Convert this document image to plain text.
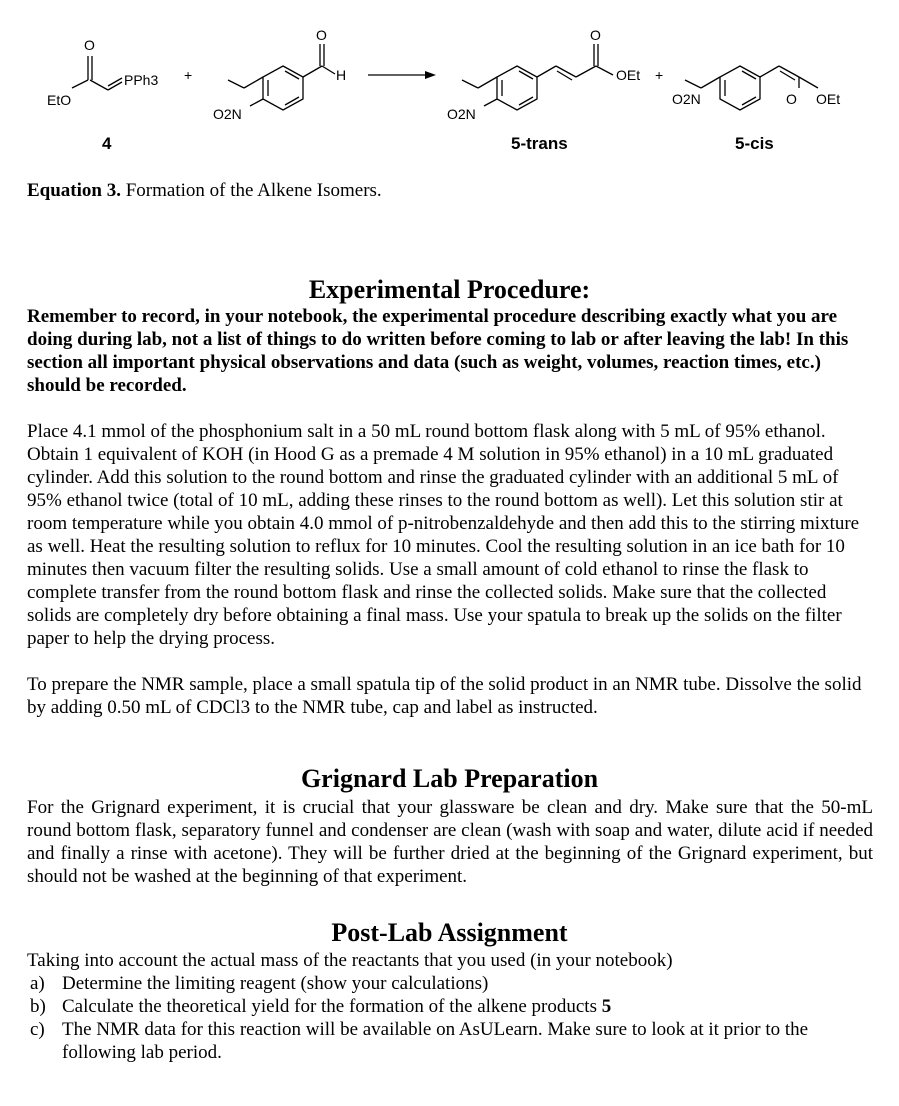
O
EtO
PPh3
4
+
O
H
O2N
O
OEt
O2N
5-trans
+
O OEt
O2N
5-cis
Equation 3. Formation of the Alkene Isomers.
Experimental Procedure:

Remember to record, in your notebook, the experimental procedure describing exactly what you are doing during lab, not a list of things to do written before coming to lab or after leaving the lab! In this section all important physical observations and data (such as weight, volumes, reaction times, etc.) should be recorded.

Place 4.1 mmol of the phosphonium salt in a 50 mL round bottom flask along with 5 mL of 95% ethanol. Obtain 1 equivalent of KOH (in Hood G as a premade 4 M solution in 95% ethanol) in a 10 mL graduated cylinder. Add this solution to the round bottom and rinse the graduated cylinder with an additional 5 mL of 95% ethanol twice (total of 10 mL, adding these rinses to the round bottom as well). Let this solution stir at room temperature while you obtain 4.0 mmol of p-nitrobenzaldehyde and then add this to the stirring mixture as well. Heat the resulting solution to reflux for 10 minutes. Cool the resulting solution in an ice bath for 10 minutes then vacuum filter the resulting solids. Use a small amount of cold ethanol to rinse the flask to complete transfer from the round bottom flask and rinse the collected solids. Make sure that the collected solids are completely dry before obtaining a final mass. Use your spatula to break up the solids on the filter paper to help the drying process.

To prepare the NMR sample, place a small spatula tip of the solid product in an NMR tube. Dissolve the solid by adding 0.50 mL of CDCl3 to the NMR tube, cap and label as instructed.

Grignard Lab Preparation

For the Grignard experiment, it is crucial that your glassware be clean and dry. Make sure that the 50-mL round bottom flask, separatory funnel and condenser are clean (wash with soap and water, dilute acid if needed and finally a rinse with acetone). They will be further dried at the beginning of the Grignard experiment, but should not be washed at the beginning of that experiment.

Post-Lab Assignment

Taking into account the actual mass of the reactants that you used (in your notebook)

a) Determine the limiting reagent (show your calculations)
b) Calculate the theoretical yield for the formation of the alkene products 5
c) The NMR data for this reaction will be available on AsULearn. Make sure to look at it prior to the following lab period.
